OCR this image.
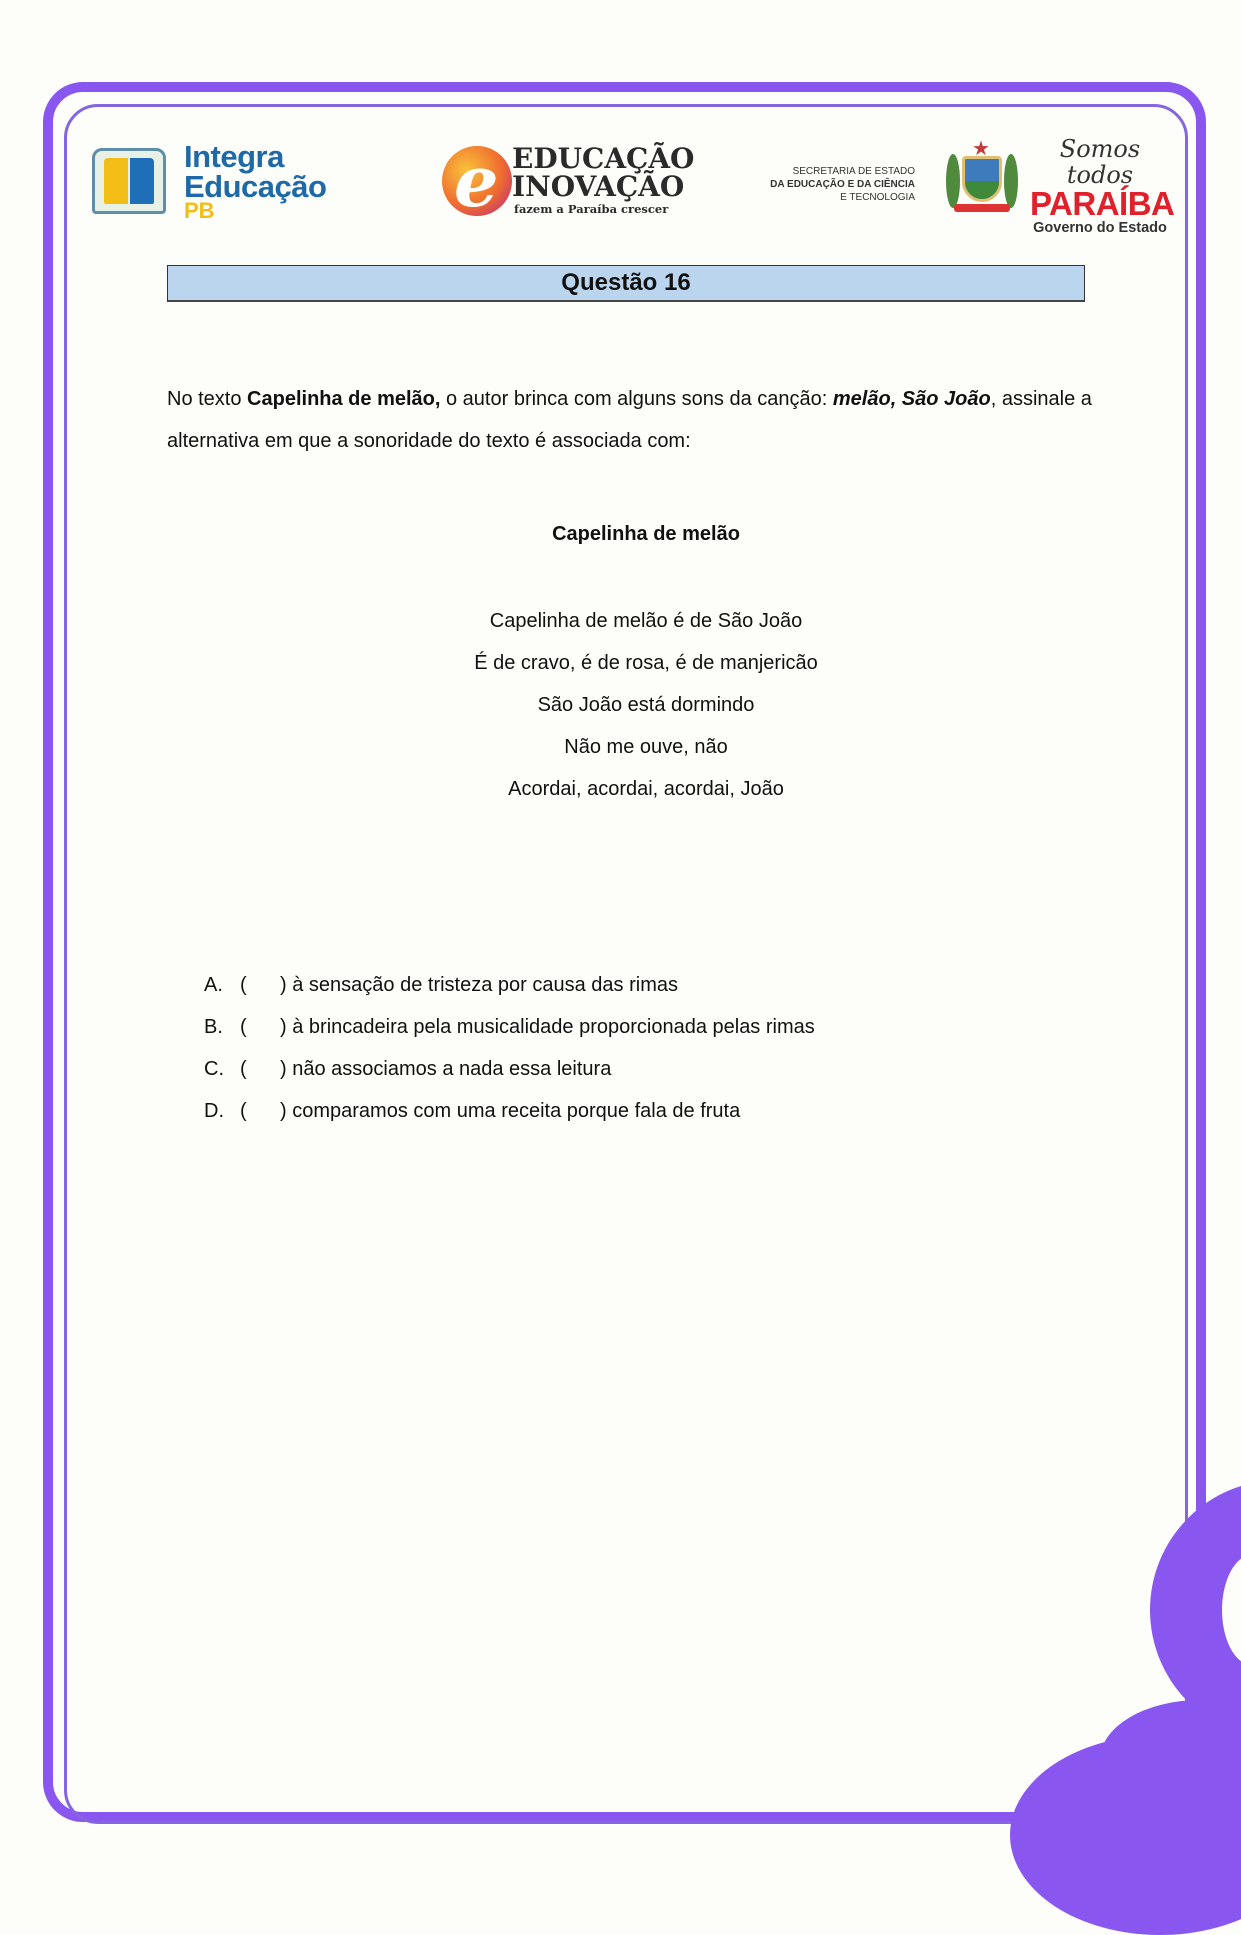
Integra
Educação
PB	e EDUCAÇÃO
INOVAÇÃO
fazem a Paraíba crescer
SECRETARIA DE ESTADO
DA EDUCAÇÃO E DA CIÊNCIA
E TECNOLOGIA
★	Somos todos
PARAÍBA
Governo do Estado
Questão 16
No texto Capelinha de melão, o autor brinca com alguns sons da canção: melão, São João, assinale a alternativa em que a sonoridade do texto é associada com:
Capelinha de melão
Capelinha de melão é de São João
É de cravo, é de rosa, é de manjericão
São João está dormindo
Não me ouve, não
Acordai, acordai, acordai, João
A. (	)
à sensação de tristeza por causa das rimas
B. (	)
à brincadeira pela musicalidade proporcionada pelas rimas
C. (	)
não associamos a nada essa leitura
D. (	)
comparamos com uma receita porque fala de fruta
